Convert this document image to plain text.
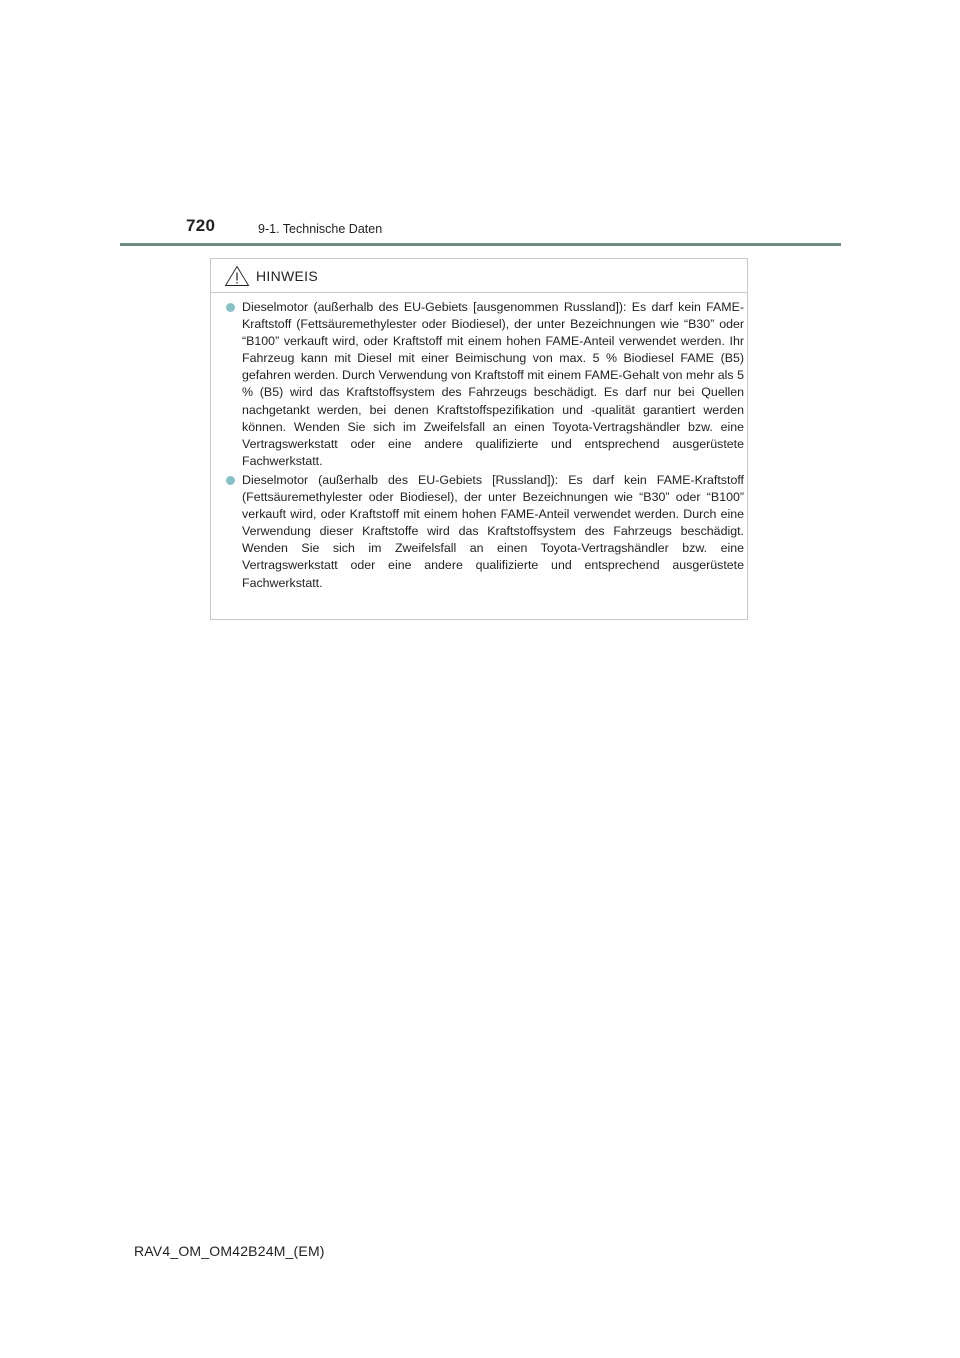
720	9-1. Technische Daten
HINWEIS
Dieselmotor (außerhalb des EU-Gebiets [ausgenommen Russland]): Es darf kein FAME-Kraftstoff (Fettsäuremethylester oder Biodiesel), der unter Bezeichnungen wie “B30” oder “B100” verkauft wird, oder Kraftstoff mit einem hohen FAME-Anteil verwendet werden. Ihr Fahrzeug kann mit Diesel mit einer Beimischung von max. 5 % Biodiesel FAME (B5) gefahren werden. Durch Verwendung von Kraftstoff mit einem FAME-Gehalt von mehr als 5 % (B5) wird das Kraftstoffsystem des Fahrzeugs beschädigt. Es darf nur bei Quellen nachgetankt werden, bei denen Kraftstoffspezifikation und -qualität garantiert werden können. Wenden Sie sich im Zweifelsfall an einen Toyota-Vertragshändler bzw. eine Vertragswerkstatt oder eine andere qualifizierte und entsprechend ausgerüstete Fachwerkstatt.
Dieselmotor (außerhalb des EU-Gebiets [Russland]): Es darf kein FAME-Kraftstoff (Fettsäuremethylester oder Biodiesel), der unter Bezeichnungen wie “B30” oder “B100” verkauft wird, oder Kraftstoff mit einem hohen FAME-Anteil verwendet werden. Durch eine Verwendung dieser Kraftstoffe wird das Kraftstoffsystem des Fahrzeugs beschädigt. Wenden Sie sich im Zweifelsfall an einen Toyota-Vertragshändler bzw. eine Vertragswerkstatt oder eine andere qualifizierte und entsprechend ausgerüstete Fachwerkstatt.
RAV4_OM_OM42B24M_(EM)
